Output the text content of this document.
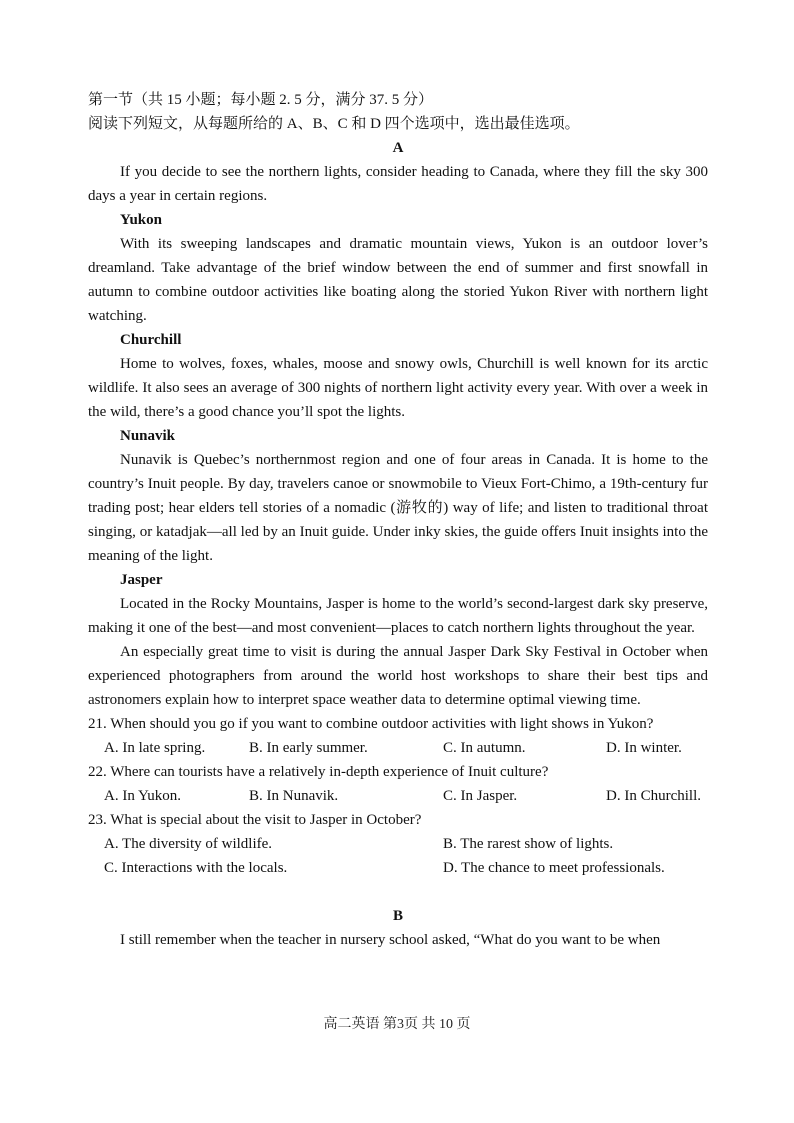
第一节（共 15 小题；每小题 2. 5 分，满分 37. 5 分）

阅读下列短文，从每题所给的 A、B、C 和 D 四个选项中，选出最佳选项。

A

If you decide to see the northern lights, consider heading to Canada, where they fill the sky 300 days a year in certain regions.

Yukon

With its sweeping landscapes and dramatic mountain views, Yukon is an outdoor lover’s dreamland. Take advantage of the brief window between the end of summer and first snowfall in autumn to combine outdoor activities like boating along the storied Yukon River with northern light watching.

Churchill

Home to wolves, foxes, whales, moose and snowy owls, Churchill is well known for its arctic wildlife. It also sees an average of 300 nights of northern light activity every year. With over a week in the wild, there’s a good chance you’ll spot the lights.

Nunavik

Nunavik is Quebec’s northernmost region and one of four areas in Canada. It is home to the country’s Inuit people. By day, travelers canoe or snowmobile to Vieux Fort-Chimo, a 19th-century fur trading post; hear elders tell stories of a nomadic (游牧的) way of life; and listen to traditional throat singing, or katadjak—all led by an Inuit guide. Under inky skies, the guide offers Inuit insights into the meaning of the light.

Jasper

Located in the Rocky Mountains, Jasper is home to the world’s second-largest dark sky preserve, making it one of the best—and most convenient—places to catch northern lights throughout the year.

An especially great time to visit is during the annual Jasper Dark Sky Festival in October when experienced photographers from around the world host workshops to share their best tips and astronomers explain how to interpret space weather data to determine optimal viewing time.

21. When should you go if you want to combine outdoor activities with light shows in Yukon?

A. In late spring.	B. In early summer.	C. In autumn.	D. In winter.

22. Where can tourists have a relatively in-depth experience of Inuit culture?

A. In Yukon.	B. In Nunavik.	C. In Jasper.	D. In Churchill.

23. What is special about the visit to Jasper in October?

A. The diversity of wildlife.	B. The rarest show of lights.
C. Interactions with the locals.	D. The chance to meet professionals.

B

I still remember when the teacher in nursery school asked, “What do you want to be when

高二英语 第3页 共 10 页
